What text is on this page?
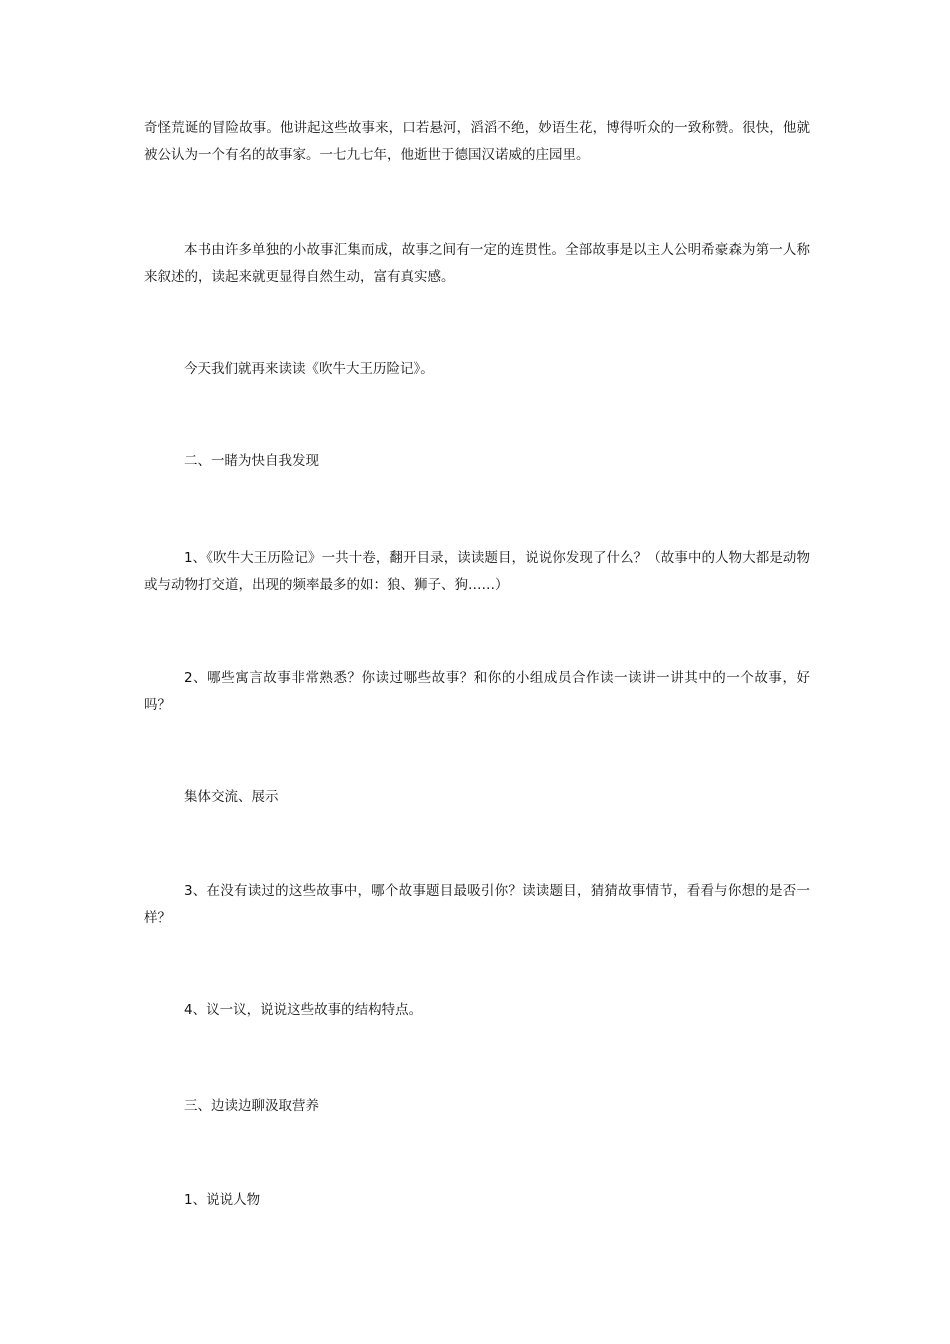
奇怪荒诞的冒险故事。他讲起这些故事来，口若悬河，滔滔不绝，妙语生花，博得听众的一致称赞。很快，他就被公认为一个有名的故事家。一七九七年，他逝世于德国汉诺威的庄园里。

本书由许多单独的小故事汇集而成，故事之间有一定的连贯性。全部故事是以主人公明希豪森为第一人称来叙述的，读起来就更显得自然生动，富有真实感。

今天我们就再来读读《吹牛大王历险记》。

二、一睹为快自我发现

1、《吹牛大王历险记》一共十卷，翻开目录，读读题目，说说你发现了什么？（故事中的人物大都是动物或与动物打交道，出现的频率最多的如：狼、狮子、狗……）

2、哪些寓言故事非常熟悉？你读过哪些故事？和你的小组成员合作读一读讲一讲其中的一个故事，好吗？

集体交流、展示

3、在没有读过的这些故事中，哪个故事题目最吸引你？读读题目，猜猜故事情节，看看与你想的是否一样？

4、议一议，说说这些故事的结构特点。

三、边读边聊汲取营养

1、说说人物
